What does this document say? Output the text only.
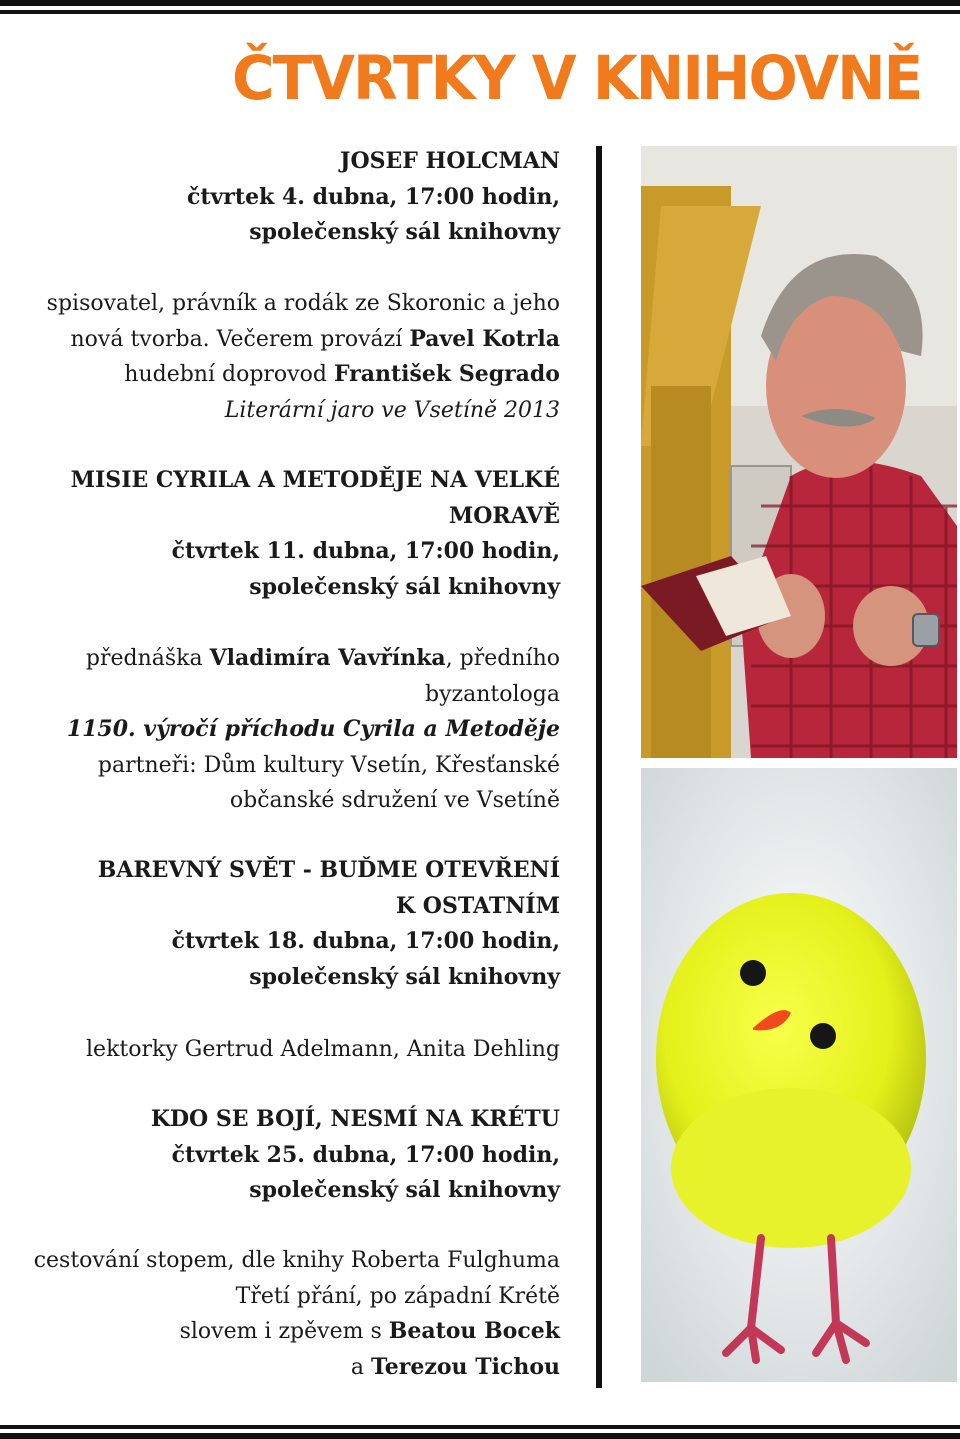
ČTVRTKY V KNIHOVNĚ
JOSEF HOLCMAN
čtvrtek 4. dubna, 17:00 hodin,
společenský sál knihovny
spisovatel, právník a rodák ze Skoronic a jeho
nová tvorba. Večerem provází Pavel Kotrla
hudební doprovod František Segrado
Literární jaro ve Vsetíně 2013
MISIE CYRILA A METODĚJE NA VELKÉ
MORAVĚ
čtvrtek 11. dubna, 17:00 hodin,
společenský sál knihovny
přednáška Vladimíra Vavřínka, předního
byzantologa
1150. výročí příchodu Cyrila a Metoděje
partneři: Dům kultury Vsetín, Křesťanské
občanské sdružení ve Vsetíně
BAREVNÝ SVĚT - BUĎME OTEVŘENÍ
K OSTATNÍM
čtvrtek 18. dubna, 17:00 hodin,
společenský sál knihovny
lektorky Gertrud Adelmann, Anita Dehling
KDO SE BOJÍ, NESMÍ NA KRÉTU
čtvrtek 25. dubna, 17:00 hodin,
společenský sál knihovny
cestování stopem, dle knihy Roberta Fulghuma
Třetí přání, po západní Krétě
slovem i zpěvem s Beatou Bocek
a Terezou Tichou
